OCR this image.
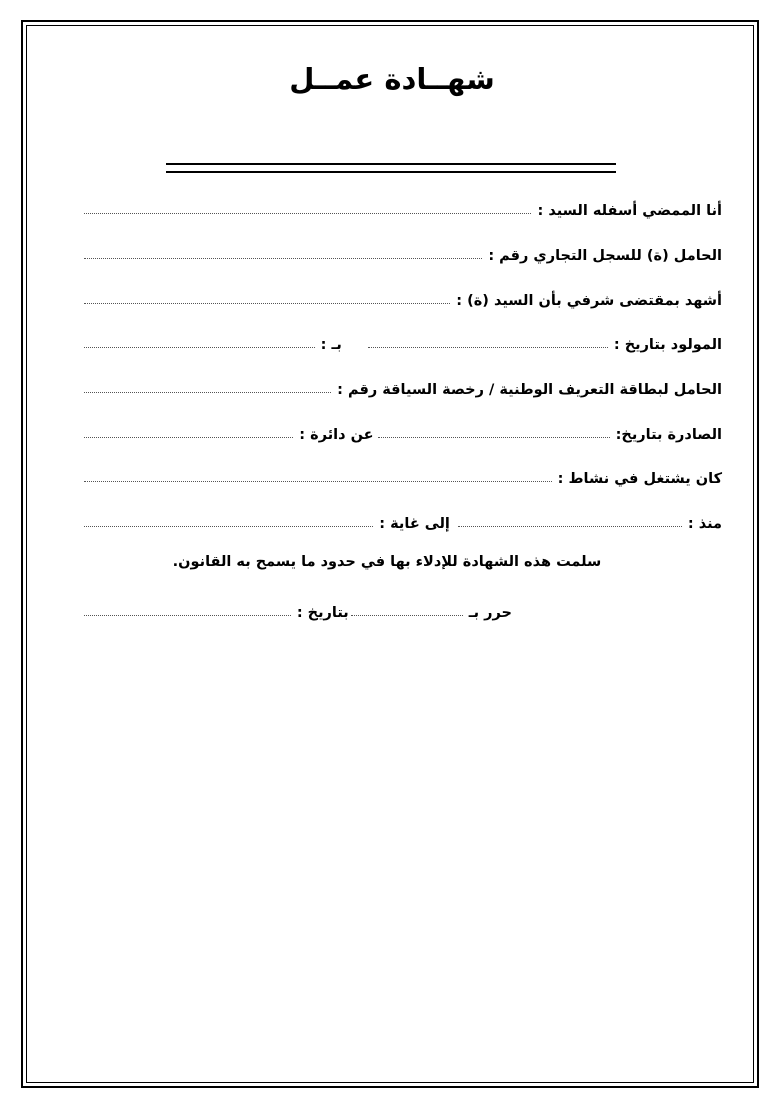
شهــادة عمــل
أنا الممضي أسفله السيد :
الحامل (ة) للسجل التجاري رقم :
أشهد بمقتضى شرفي بأن السيد (ة) :
المولود بتاريخ :
بـ :
الحامل لبطاقة التعريف الوطنية / رخصة السياقة رقم :
الصادرة بتاريخ:
عن دائرة :
كان يشتغل في نشاط :
منذ :
إلى غاية :
سلمت هذه الشهادة للإدلاء بها في حدود ما يسمح به القانون.
حرر بـ
بتاريخ :
